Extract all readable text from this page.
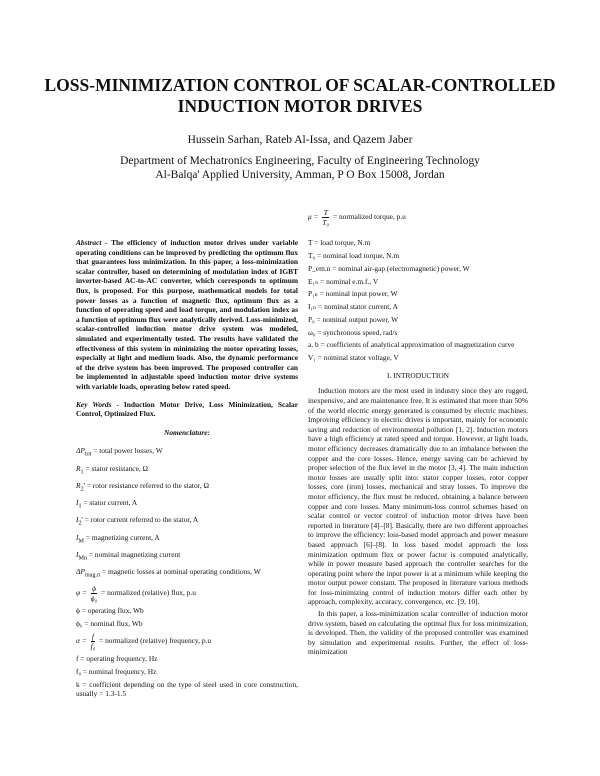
LOSS-MINIMIZATION CONTROL OF SCALAR-CONTROLLED INDUCTION MOTOR DRIVES
Hussein Sarhan, Rateb Al-Issa, and Qazem Jaber
Department of Mechatronics Engineering, Faculty of Engineering Technology
Al-Balqa' Applied University, Amman, P O Box 15008, Jordan
Abstract - The efficiency of induction motor drives under variable operating conditions can be improved by predicting the optimum flux that guarantees loss minimization. In this paper, a loss-minimization scalar controller, based on determining of modulation index of IGBT inverter-based AC-to-AC converter, which corresponds to optimum flux, is proposed. For this purpose, mathematical models for total power losses as a function of magnetic flux, optimum flux as a function of operating speed and load torque, and modulation index as a function of optimum flux were analytically derived. Loss-minimized, scalar-controlled induction motor drive system was modeled, simulated and experimentally tested. The results have validated the effectiveness of this system in minimizing the motor operating losses, especially at light and medium loads. Also, the dynamic performance of the drive system has been improved. The proposed controller can be implemented in adjustable speed induction motor drive systems with variable loads, operating below rated speed.
Key Words - Induction Motor Drive, Loss Minimization, Scalar Control, Optimized Flux.
Nomenclature:
$\Delta P_{tot}$ = total power losses, W
$R_1$ = stator resistance, Ω
$R_2'$ = rotor resistance referred to the stator, Ω
$I_1$ = stator current, A
$I_2'$ = rotor current referred to the stator, A
$I_M$ = magnetizing current, A
$I_{Mn}$ = nominal magnetizing current
$\Delta P_{mag.n}$ = magnetic losses at nominal operating conditions, W
$\varphi = \frac{\phi}{\text{ϕ₀}}$ = normalized (relative) flux, p.u
ϕ = operating flux, Wb
ϕ₀ = nominal flux, Wb
$\alpha = \frac{f}{\text{f₀}}$ = normalized (relative) frequency, p.u
f = operating frequency, Hz
f₀ = nominal frequency, Hz
k = coefficient depending on the type of steel used in core construction, usually = 1.3-1.5
$\mu = \frac{T}{\text{T₀}}$ = normalized torque, p.u
T = load torque, N.m
T₀ = nominal load torque, N.m
P_em.n = nominal air-gap (electromagnetic) power, W
E₁ₙ = nominal e.m.f., V
P₁ₙ = nominal input power, W
I₁ₙ = nominal stator current, A
P₀ = nominal output power, W
ω₀ = synchronous speed, rad/s
a, b = coefficients of analytical approximation of magnetization curve
V₁ = nominal stator voltage, V
I. INTRODUCTION

Induction motors are the most used in industry since they are rugged, inexpensive, and are maintenance free. It is estimated that more than 50% of the world electric energy generated is consumed by electric machines. Improving efficiency in electric drives is important, mainly for economic saving and reduction of environmental pollution [1, 2]. Induction motors have a high efficiency at rated speed and torque. However, at light loads, motor efficiency decreases dramatically due to an imbalance between the copper and the core losses. Hence, energy saving can be achieved by proper selection of the flux level in the motor [3, 4]. The main induction motor losses are usually split into: stator copper losses, rotor copper losses, core (iron) losses, mechanical and stray losses. To improve the motor efficiency, the flux must be reduced, obtaining a balance between copper and core losses. Many minimum-loss control schemes based on scalar control or vector control of induction motor drives have been reported in literature [4]–[8]. Basically, there are two different approaches to improve the efficiency: loss-based model approach and power measure based approach [6]–[8]. In loss based model approach the loss minimization optimum flux or power factor is computed analytically, while in power measure based approach the controller searches for the operating point where the input power is at a minimum while keeping the motor output power constant. The proposed in literature various methods for loss-minimizing control of induction motors differ each other by approach, complexity, accuracy, convergence, etc. [9, 10].

In this paper, a loss-minimization scalar controller of induction motor drive system, based on calculating the optimal flux for loss minimization, is developed. Then, the validity of the proposed controller was examined by simulation and experimental results. Further, the effect of loss-minimization
